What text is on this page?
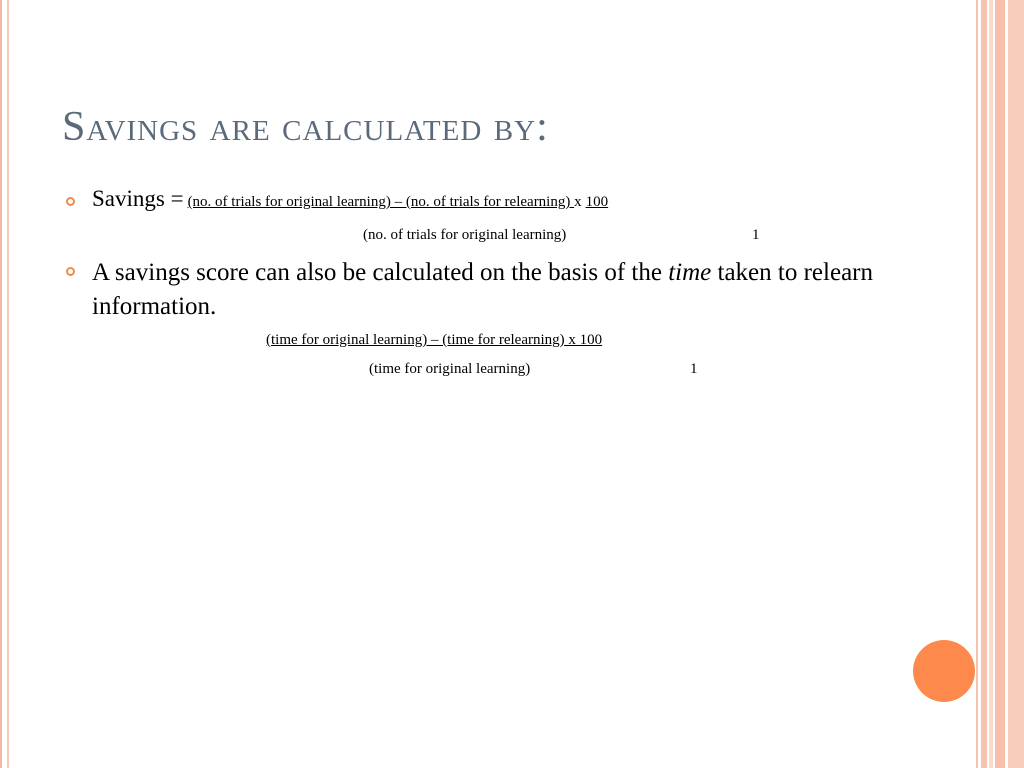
Savings are calculated by:
Savings = (no. of trials for original learning) – (no. of trials for relearning) x 100
(no. of trials for original learning)	1
A savings score can also be calculated on the basis of the time taken to relearn information.
(time for original learning) – (time for relearning) x 100
(time for original learning)	1
